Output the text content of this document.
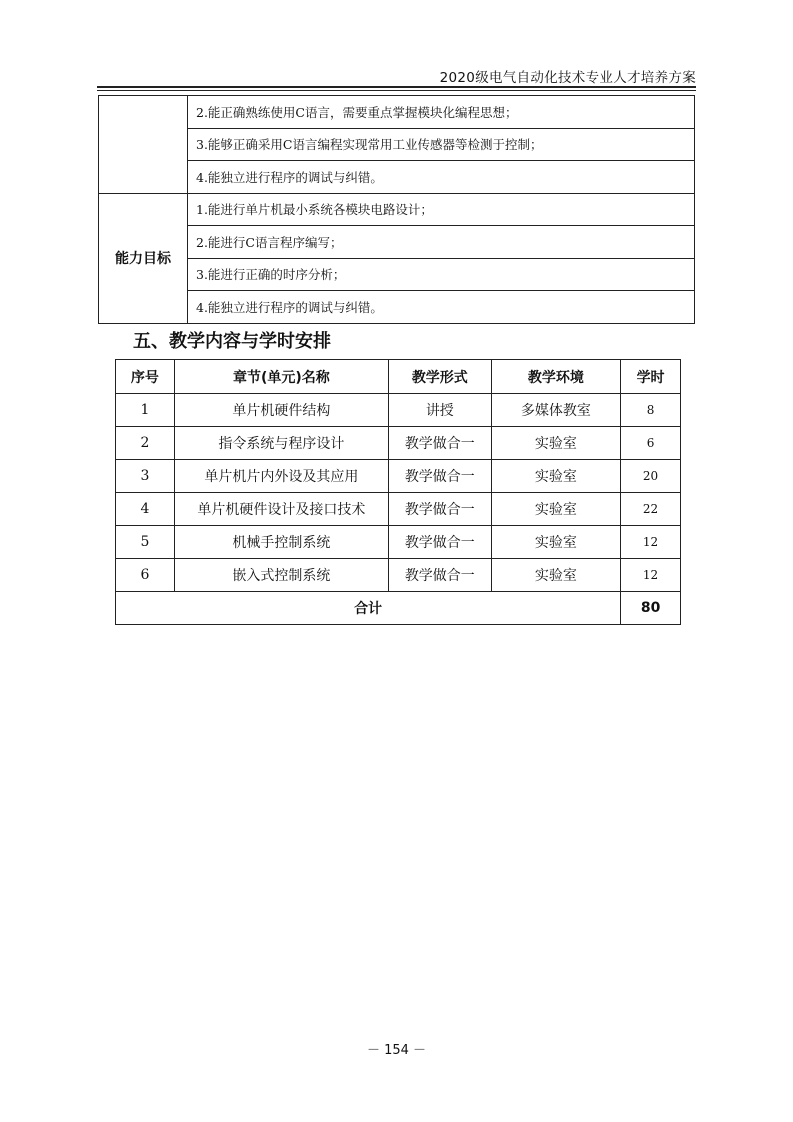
2020级电气自动化技术专业人才培养方案
	2.能正确熟练使用C语言，需要重点掌握模块化编程思想；
	3.能够正确采用C语言编程实现常用工业传感器等检测于控制；
	4.能独立进行程序的调试与纠错。
能力目标	1.能进行单片机最小系统各模块电路设计；
	2.能进行C语言程序编写；
	3.能进行正确的时序分析；
	4.能独立进行程序的调试与纠错。
五、教学内容与学时安排
序号	章节(单元)名称	教学形式	教学环境	学时
1	单片机硬件结构	讲授	多媒体教室	8
2	指令系统与程序设计	教学做合一	实验室	6
3	单片机片内外设及其应用	教学做合一	实验室	20
4	单片机硬件设计及接口技术	教学做合一	实验室	22
5	机械手控制系统	教学做合一	实验室	12
6	嵌入式控制系统	教学做合一	实验室	12
合计				80
－ 154 －
